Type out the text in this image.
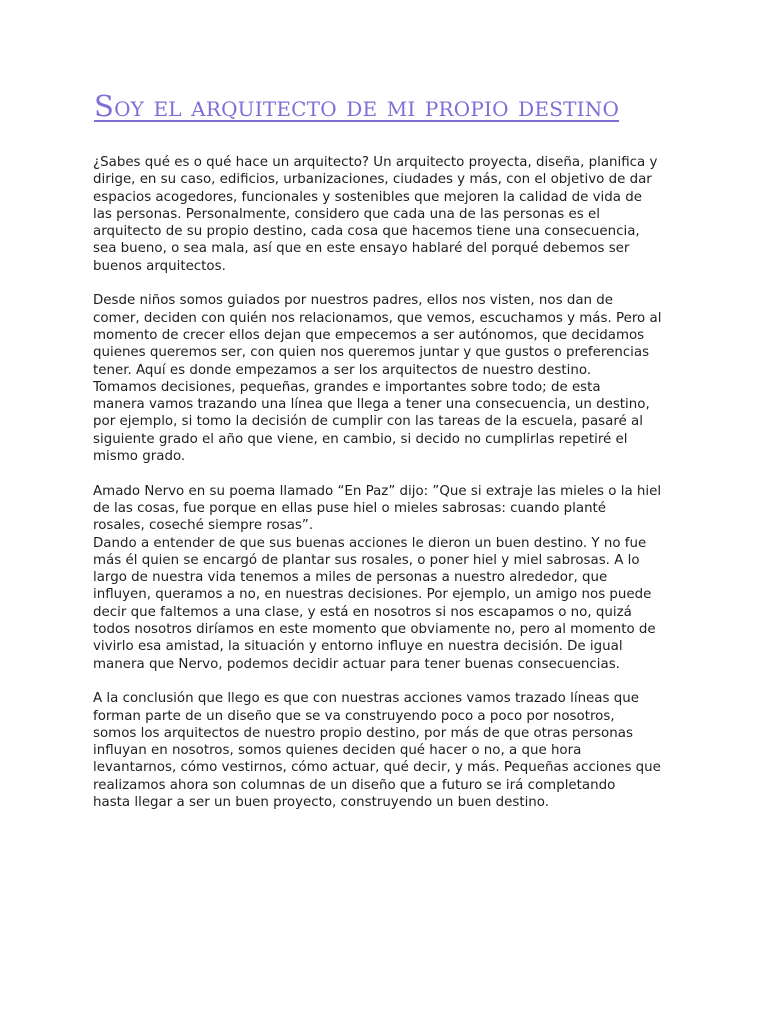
Soy el arquitecto de mi propio destino

¿Sabes qué es o qué hace un arquitecto? Un arquitecto proyecta, diseña, planifica y
dirige, en su caso, edificios, urbanizaciones, ciudades y más, con el objetivo de dar
espacios acogedores, funcionales y sostenibles que mejoren la calidad de vida de
las personas. Personalmente, considero que cada una de las personas es el
arquitecto de su propio destino, cada cosa que hacemos tiene una consecuencia,
sea bueno, o sea mala, así que en este ensayo hablaré del porqué debemos ser
buenos arquitectos.

Desde niños somos guiados por nuestros padres, ellos nos visten, nos dan de
comer, deciden con quién nos relacionamos, que vemos, escuchamos y más. Pero al
momento de crecer ellos dejan que empecemos a ser autónomos, que decidamos
quienes queremos ser, con quien nos queremos juntar y que gustos o preferencias
tener. Aquí es donde empezamos a ser los arquitectos de nuestro destino.
Tomamos decisiones, pequeñas, grandes e importantes sobre todo; de esta
manera vamos trazando una línea que llega a tener una consecuencia, un destino,
por ejemplo, si tomo la decisión de cumplir con las tareas de la escuela, pasaré al
siguiente grado el año que viene, en cambio, si decido no cumplirlas repetiré el
mismo grado.

Amado Nervo en su poema llamado “En Paz” dijo: ”Que si extraje las mieles o la hiel
de las cosas, fue porque en ellas puse hiel o mieles sabrosas: cuando planté
rosales, coseché siempre rosas”.

Dando a entender de que sus buenas acciones le dieron un buen destino. Y no fue
más él quien se encargó de plantar sus rosales, o poner hiel y miel sabrosas. A lo
largo de nuestra vida tenemos a miles de personas a nuestro alrededor, que
influyen, queramos a no, en nuestras decisiones. Por ejemplo, un amigo nos puede
decir que faltemos a una clase, y está en nosotros si nos escapamos o no, quizá
todos nosotros diríamos en este momento que obviamente no, pero al momento de
vivirlo esa amistad, la situación y entorno influye en nuestra decisión. De igual
manera que Nervo, podemos decidir actuar para tener buenas consecuencias.

A la conclusión que llego es que con nuestras acciones vamos trazado líneas que
forman parte de un diseño que se va construyendo poco a poco por nosotros,
somos los arquitectos de nuestro propio destino, por más de que otras personas
influyan en nosotros, somos quienes deciden qué hacer o no, a que hora
levantarnos, cómo vestirnos, cómo actuar, qué decir, y más. Pequeñas acciones que
realizamos ahora son columnas de un diseño que a futuro se irá completando
hasta llegar a ser un buen proyecto, construyendo un buen destino.
